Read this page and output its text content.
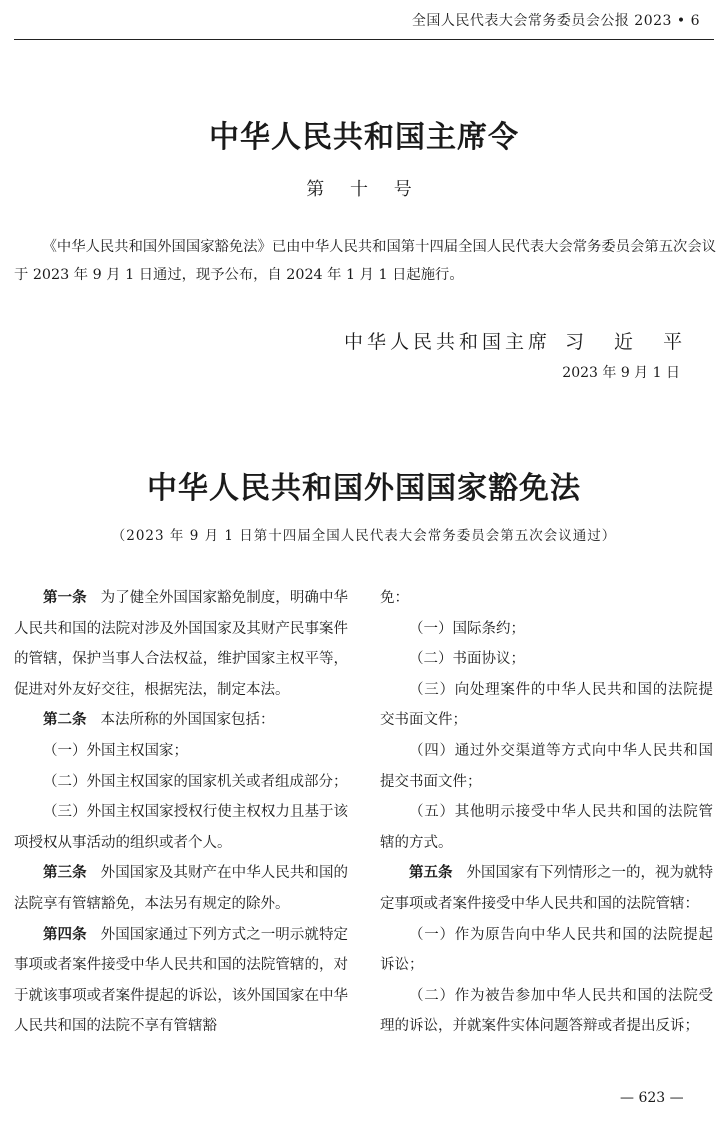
全国人民代表大会常务委员会公报 2023 • 6
中华人民共和国主席令
第 十 号

《中华人民共和国外国国家豁免法》已由中华人民共和国第十四届全国人民代表大会常务委员会第五次会议于 2023 年 9 月 1 日通过，现予公布，自 2024 年 1 月 1 日起施行。

中华人民共和国主席 习 近 平
2023 年 9 月 1 日
中华人民共和国外国国家豁免法
（2023 年 9 月 1 日第十四届全国人民代表大会常务委员会第五次会议通过）

第一条 为了健全外国国家豁免制度，明确中华人民共和国的法院对涉及外国国家及其财产民事案件的管辖，保护当事人合法权益，维护国家主权平等，促进对外友好交往，根据宪法，制定本法。

第二条 本法所称的外国国家包括：

（一）外国主权国家；

（二）外国主权国家的国家机关或者组成部分；

（三）外国主权国家授权行使主权权力且基于该项授权从事活动的组织或者个人。

第三条 外国国家及其财产在中华人民共和国的法院享有管辖豁免，本法另有规定的除外。

第四条 外国国家通过下列方式之一明示就特定事项或者案件接受中华人民共和国的法院管辖的，对于就该事项或者案件提起的诉讼，该外国国家在中华人民共和国的法院不享有管辖豁

免：

（一）国际条约；

（二）书面协议；

（三）向处理案件的中华人民共和国的法院提交书面文件；

（四）通过外交渠道等方式向中华人民共和国提交书面文件；

（五）其他明示接受中华人民共和国的法院管辖的方式。

第五条 外国国家有下列情形之一的，视为就特定事项或者案件接受中华人民共和国的法院管辖：

（一）作为原告向中华人民共和国的法院提起诉讼；

（二）作为被告参加中华人民共和国的法院受理的诉讼，并就案件实体问题答辩或者提出反诉；

— 623 —
